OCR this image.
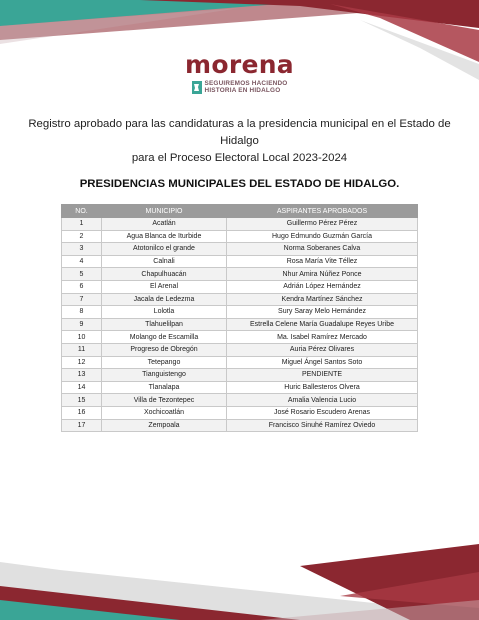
morena
SEGUIREMOS HACIENDO
HISTORIA EN HIDALGO
Registro aprobado para las candidaturas a la presidencia municipal en el Estado de Hidalgo
para el Proceso Electoral Local 2023-2024
PRESIDENCIAS MUNICIPALES DEL ESTADO DE HIDALGO.
NO.	MUNICIPIO	ASPIRANTES APROBADOS
1	Acatlán	Guillermo Pérez Pérez
2	Agua Blanca de Iturbide	Hugo Edmundo Guzmán García
3	Atotonilco el grande	Norma Soberanes Calva
4	Calnali	Rosa María Vite Téllez
5	Chapulhuacán	Nhur Amira Núñez Ponce
6	El Arenal	Adrián López Hernández
7	Jacala de Ledezma	Kendra Martínez Sánchez
8	Lolotla	Sury Saray Melo Hernández
9	Tlahuelilpan	Estrella Celene María Guadalupe Reyes Uribe
10	Molango de Escamilla	Ma. Isabel Ramírez Mercado
11	Progreso de Obregón	Auria Pérez Olivares
12	Tetepango	Miguel Ángel Santos Soto
13	Tianguistengo	PENDIENTE
14	Tlanalapa	Huric Ballesteros Olvera
15	Villa de Tezontepec	Amalia Valencia Lucio
16	Xochicoatlán	José Rosario Escudero Arenas
17	Zempoala	Francisco Sinuhé Ramírez Oviedo
